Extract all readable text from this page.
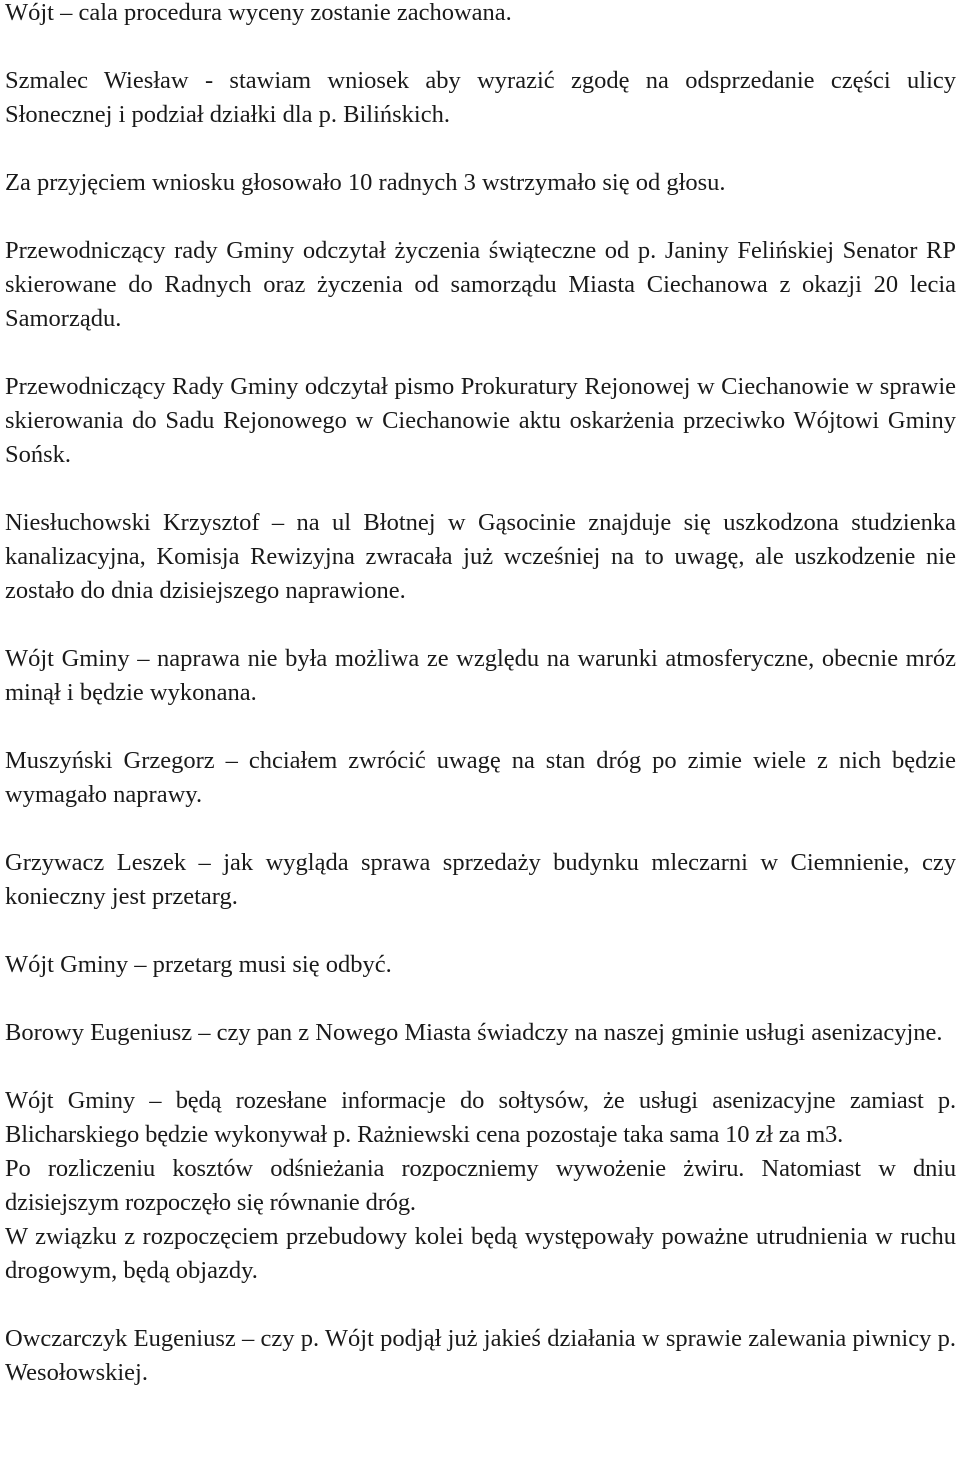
Wójt – cala procedura wyceny zostanie zachowana.

Szmalec Wiesław - stawiam wniosek aby wyrazić zgodę na odsprzedanie części ulicy Słonecznej i podział działki dla p. Bilińskich.

Za przyjęciem wniosku głosowało 10 radnych 3 wstrzymało się od głosu.

Przewodniczący rady Gminy odczytał życzenia świąteczne od p. Janiny Felińskiej Senator RP skierowane do Radnych oraz życzenia od samorządu Miasta Ciechanowa z okazji 20 lecia Samorządu.

Przewodniczący Rady Gminy odczytał pismo Prokuratury Rejonowej w Ciechanowie w sprawie skierowania do Sadu Rejonowego w Ciechanowie aktu oskarżenia przeciwko Wójtowi Gminy Sońsk.

Niesłuchowski Krzysztof – na ul Błotnej w Gąsocinie znajduje się uszkodzona studzienka kanalizacyjna, Komisja Rewizyjna zwracała już wcześniej na to uwagę, ale uszkodzenie nie zostało do dnia dzisiejszego naprawione.

Wójt Gminy – naprawa nie była możliwa ze względu na warunki atmosferyczne, obecnie mróz minął i będzie wykonana.

Muszyński Grzegorz – chciałem zwrócić uwagę na stan dróg po zimie wiele z nich będzie wymagało naprawy.

Grzywacz Leszek – jak wygląda sprawa sprzedaży budynku mleczarni w Ciemnienie, czy konieczny jest przetarg.

Wójt Gminy – przetarg musi się odbyć.

Borowy Eugeniusz – czy pan z Nowego Miasta świadczy na naszej gminie usługi asenizacyjne.

Wójt Gminy – będą rozesłane informacje do sołtysów, że usługi asenizacyjne zamiast p. Blicharskiego będzie wykonywał p. Rażniewski cena pozostaje taka sama 10 zł za m3.

Po rozliczeniu kosztów odśnieżania rozpoczniemy wywożenie żwiru. Natomiast w dniu dzisiejszym rozpoczęło się równanie dróg.

W związku z rozpoczęciem przebudowy kolei będą występowały poważne utrudnienia w ruchu drogowym, będą objazdy.

Owczarczyk Eugeniusz – czy p. Wójt podjął już jakieś działania w sprawie zalewania piwnicy p. Wesołowskiej.
